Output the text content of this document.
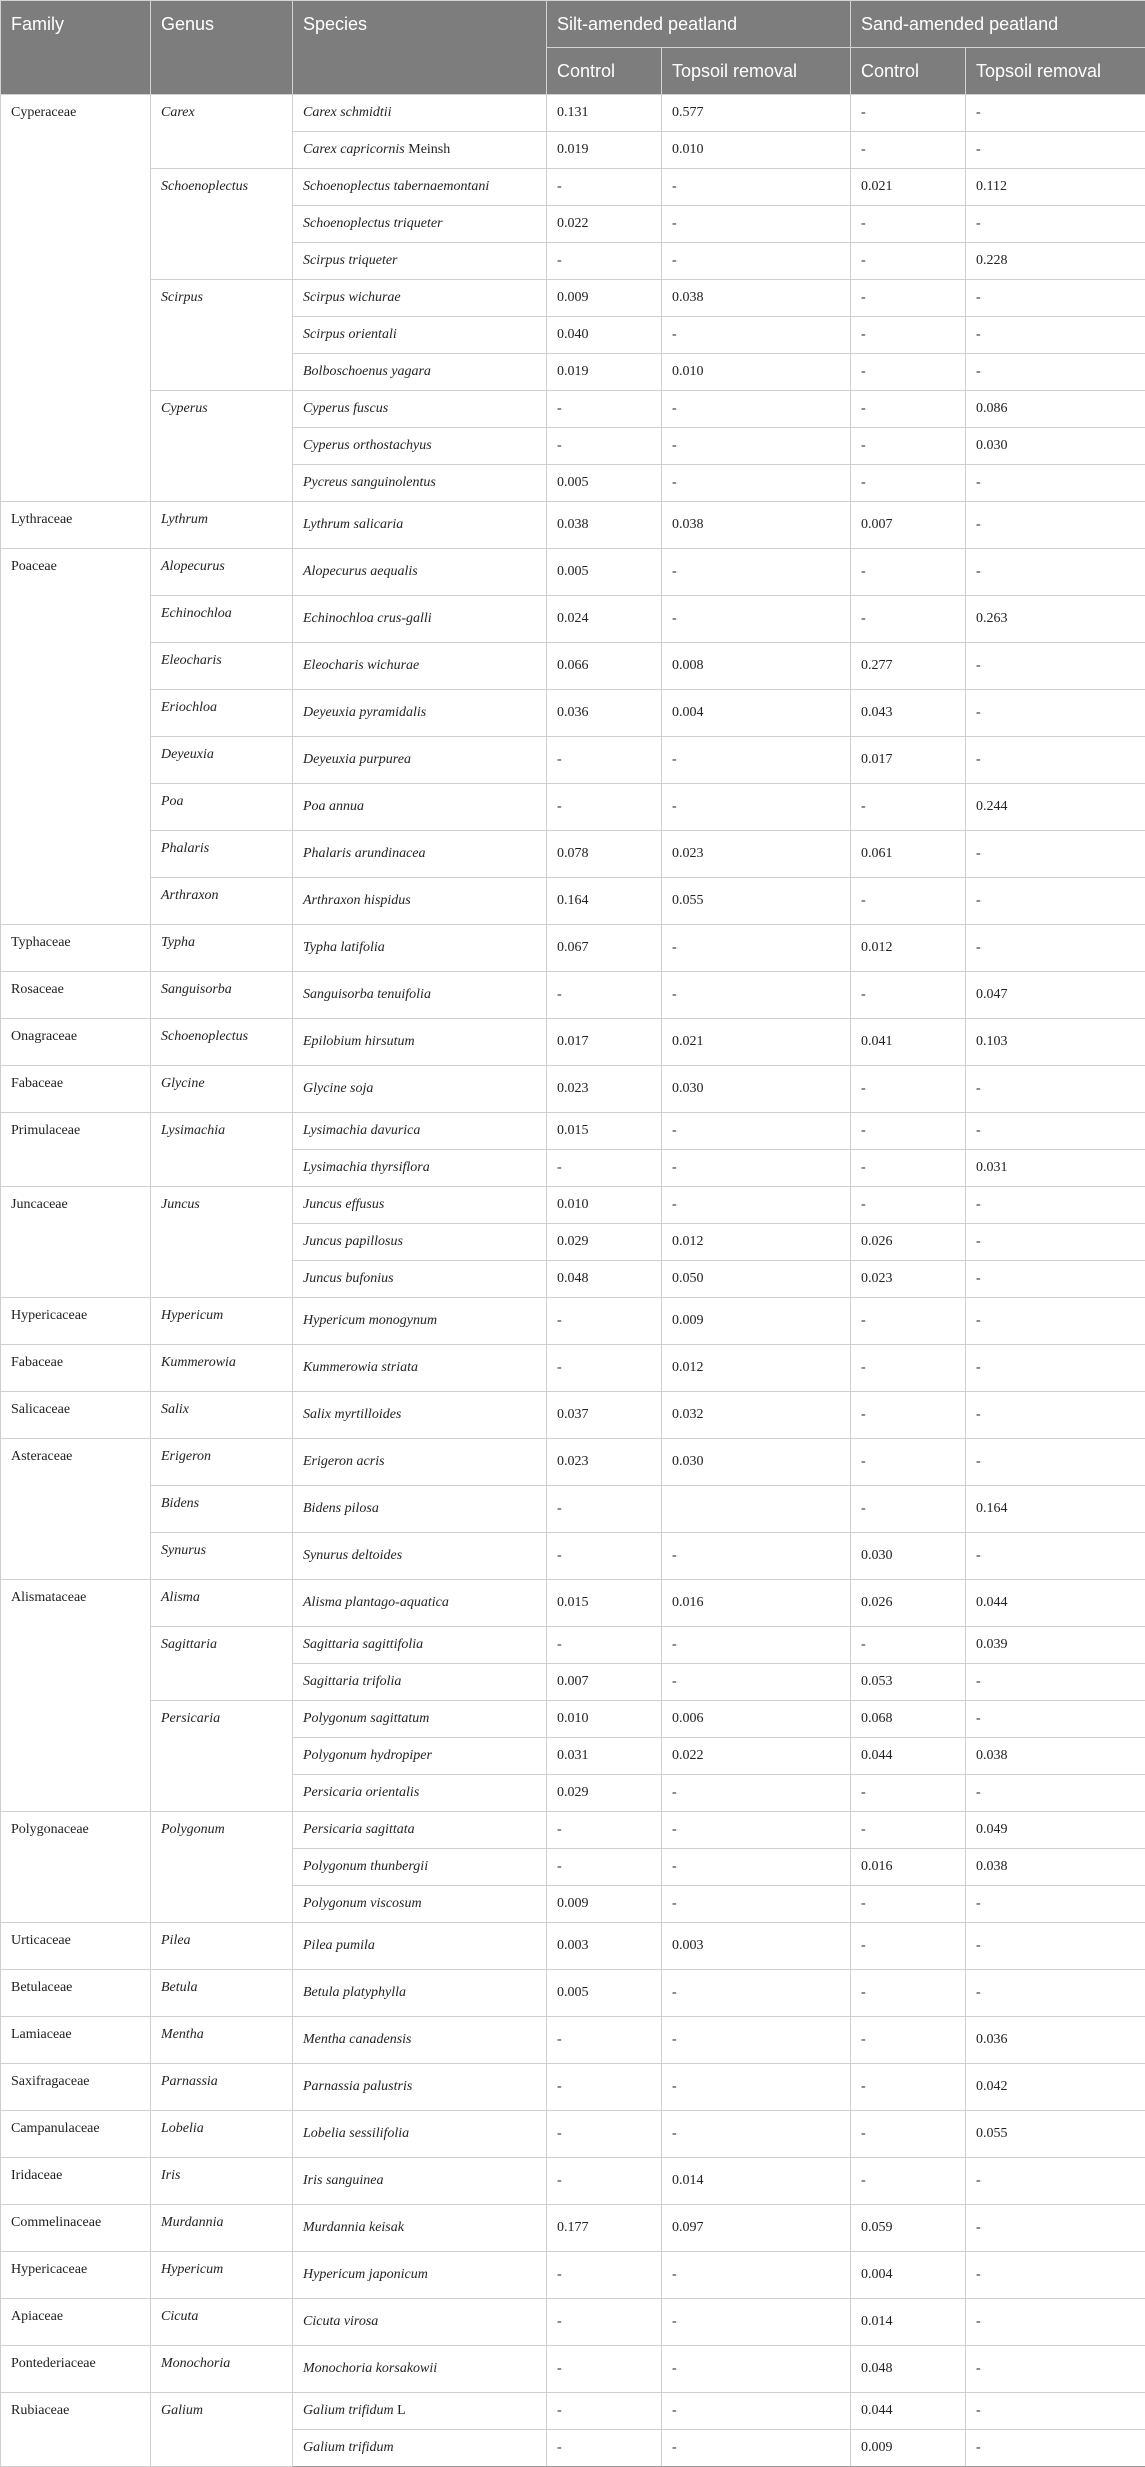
Family	Genus	Species	Silt-amended peatland		Sand-amended peatland	
			Control	Topsoil removal	Control	Topsoil removal
Cyperaceae	Carex	Carex schmidtii	0.131	0.577	-	-
		Carex capricornis Meinsh	0.019	0.010	-	-
	Schoenoplectus	Schoenoplectus tabernaemontani	-	-	0.021	0.112
		Schoenoplectus triqueter	0.022	-	-	-
		Scirpus triqueter	-	-	-	0.228
	Scirpus	Scirpus wichurae	0.009	0.038	-	-
		Scirpus orientali	0.040	-	-	-
		Bolboschoenus yagara	0.019	0.010	-	-
	Cyperus	Cyperus fuscus	-	-	-	0.086
		Cyperus orthostachyus	-	-	-	0.030
		Pycreus sanguinolentus	0.005	-	-	-
Lythraceae	Lythrum	Lythrum salicaria	0.038	0.038	0.007	-
Poaceae	Alopecurus	Alopecurus aequalis	0.005	-	-	-
	Echinochloa	Echinochloa crus-galli	0.024	-	-	0.263
	Eleocharis	Eleocharis wichurae	0.066	0.008	0.277	-
	Eriochloa	Deyeuxia pyramidalis	0.036	0.004	0.043	-
	Deyeuxia	Deyeuxia purpurea	-	-	0.017	-
	Poa	Poa annua	-	-	-	0.244
	Phalaris	Phalaris arundinacea	0.078	0.023	0.061	-
	Arthraxon	Arthraxon hispidus	0.164	0.055	-	-
Typhaceae	Typha	Typha latifolia	0.067	-	0.012	-
Rosaceae	Sanguisorba	Sanguisorba tenuifolia	-	-	-	0.047
Onagraceae	Schoenoplectus	Epilobium hirsutum	0.017	0.021	0.041	0.103
Fabaceae	Glycine	Glycine soja	0.023	0.030	-	-
Primulaceae	Lysimachia	Lysimachia davurica	0.015	-	-	-
		Lysimachia thyrsiflora	-	-	-	0.031
Juncaceae	Juncus	Juncus effusus	0.010	-	-	-
		Juncus papillosus	0.029	0.012	0.026	-
		Juncus bufonius	0.048	0.050	0.023	-
Hypericaceae	Hypericum	Hypericum monogynum	-	0.009	-	-
Fabaceae	Kummerowia	Kummerowia striata	-	0.012	-	-
Salicaceae	Salix	Salix myrtilloides	0.037	0.032	-	-
Asteraceae	Erigeron	Erigeron acris	0.023	0.030	-	-
	Bidens	Bidens pilosa	-		-	0.164
	Synurus	Synurus deltoides	-	-	0.030	-
Alismataceae	Alisma	Alisma plantago-aquatica	0.015	0.016	0.026	0.044
	Sagittaria	Sagittaria sagittifolia	-	-	-	0.039
		Sagittaria trifolia	0.007	-	0.053	-
	Persicaria	Polygonum sagittatum	0.010	0.006	0.068	-
		Polygonum hydropiper	0.031	0.022	0.044	0.038
		Persicaria orientalis	0.029	-	-	-
Polygonaceae	Polygonum	Persicaria sagittata	-	-	-	0.049
		Polygonum thunbergii	-	-	0.016	0.038
		Polygonum viscosum	0.009	-	-	-
Urticaceae	Pilea	Pilea pumila	0.003	0.003	-	-
Betulaceae	Betula	Betula platyphylla	0.005	-	-	-
Lamiaceae	Mentha	Mentha canadensis	-	-	-	0.036
Saxifragaceae	Parnassia	Parnassia palustris	-	-	-	0.042
Campanulaceae	Lobelia	Lobelia sessilifolia	-	-	-	0.055
Iridaceae	Iris	Iris sanguinea	-	0.014	-	-
Commelinaceae	Murdannia	Murdannia keisak	0.177	0.097	0.059	-
Hypericaceae	Hypericum	Hypericum japonicum	-	-	0.004	-
Apiaceae	Cicuta	Cicuta virosa	-	-	0.014	-
Pontederiaceae	Monochoria	Monochoria korsakowii	-	-	0.048	-
Rubiaceae	Galium	Galium trifidum L	-	-	0.044	-
		Galium trifidum	-	-	0.009	-
